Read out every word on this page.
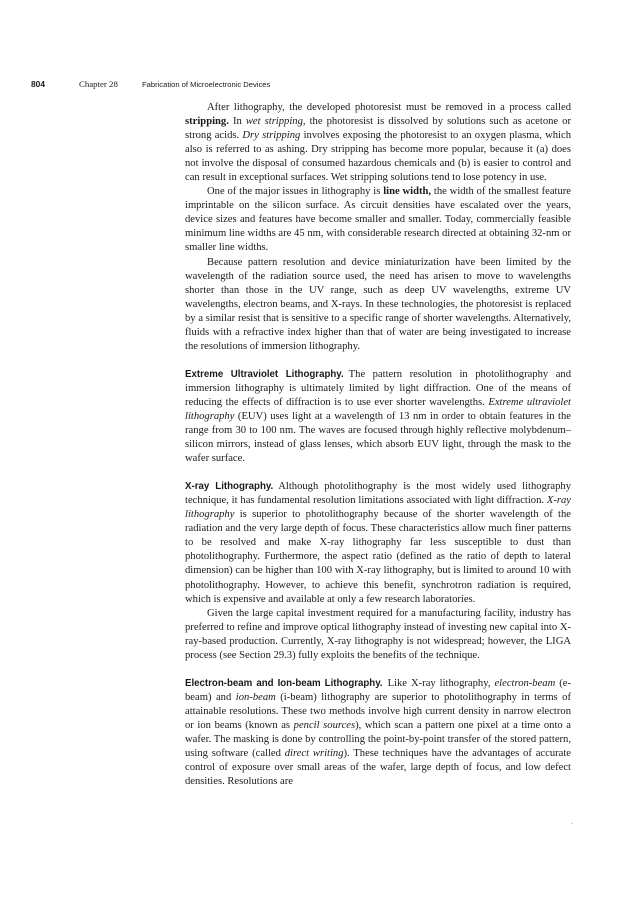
804	Chapter 28	Fabrication of Microelectronic Devices

After lithography, the developed photoresist must be removed in a process called stripping. In wet stripping, the photoresist is dissolved by solutions such as acetone or strong acids. Dry stripping involves exposing the photoresist to an oxygen plasma, which also is referred to as ashing. Dry stripping has become more popular, because it (a) does not involve the disposal of consumed hazardous chemicals and (b) is easier to control and can result in exceptional surfaces. Wet stripping solutions tend to lose potency in use.

One of the major issues in lithography is line width, the width of the smallest feature imprintable on the silicon surface. As circuit densities have escalated over the years, device sizes and features have become smaller and smaller. Today, commercially feasible minimum line widths are 45 nm, with considerable research directed at obtaining 32-nm or smaller line widths.

Because pattern resolution and device miniaturization have been limited by the wavelength of the radiation source used, the need has arisen to move to wavelengths shorter than those in the UV range, such as deep UV wavelengths, extreme UV wavelengths, electron beams, and X-rays. In these technologies, the photoresist is replaced by a similar resist that is sensitive to a specific range of shorter wavelengths. Alternatively, fluids with a refractive index higher than that of water are being investigated to increase the resolutions of immersion lithography.

Extreme Ultraviolet Lithography. The pattern resolution in photolithography and immersion lithography is ultimately limited by light diffraction. One of the means of reducing the effects of diffraction is to use ever shorter wavelengths. Extreme ultraviolet lithography (EUV) uses light at a wavelength of 13 nm in order to obtain features in the range from 30 to 100 nm. The waves are focused through highly reflective molybdenum–silicon mirrors, instead of glass lenses, which absorb EUV light, through the mask to the wafer surface.

X-ray Lithography. Although photolithography is the most widely used lithography technique, it has fundamental resolution limitations associated with light diffraction. X-ray lithography is superior to photolithography because of the shorter wavelength of the radiation and the very large depth of focus. These characteristics allow much finer patterns to be resolved and make X-ray lithography far less susceptible to dust than photolithography. Furthermore, the aspect ratio (defined as the ratio of depth to lateral dimension) can be higher than 100 with X-ray lithography, but is limited to around 10 with photolithography. However, to achieve this benefit, synchrotron radiation is required, which is expensive and available at only a few research laboratories.

Given the large capital investment required for a manufacturing facility, industry has preferred to refine and improve optical lithography instead of investing new capital into X-ray-based production. Currently, X-ray lithography is not widespread; however, the LIGA process (see Section 29.3) fully exploits the benefits of the technique.

Electron-beam and Ion-beam Lithography. Like X-ray lithography, electron-beam (e-beam) and ion-beam (i-beam) lithography are superior to photolithography in terms of attainable resolutions. These two methods involve high current density in narrow electron or ion beams (known as pencil sources), which scan a pattern one pixel at a time onto a wafer. The masking is done by controlling the point-by-point transfer of the stored pattern, using software (called direct writing). These techniques have the advantages of accurate control of exposure over small areas of the wafer, large depth of focus, and low defect densities. Resolutions are

·
